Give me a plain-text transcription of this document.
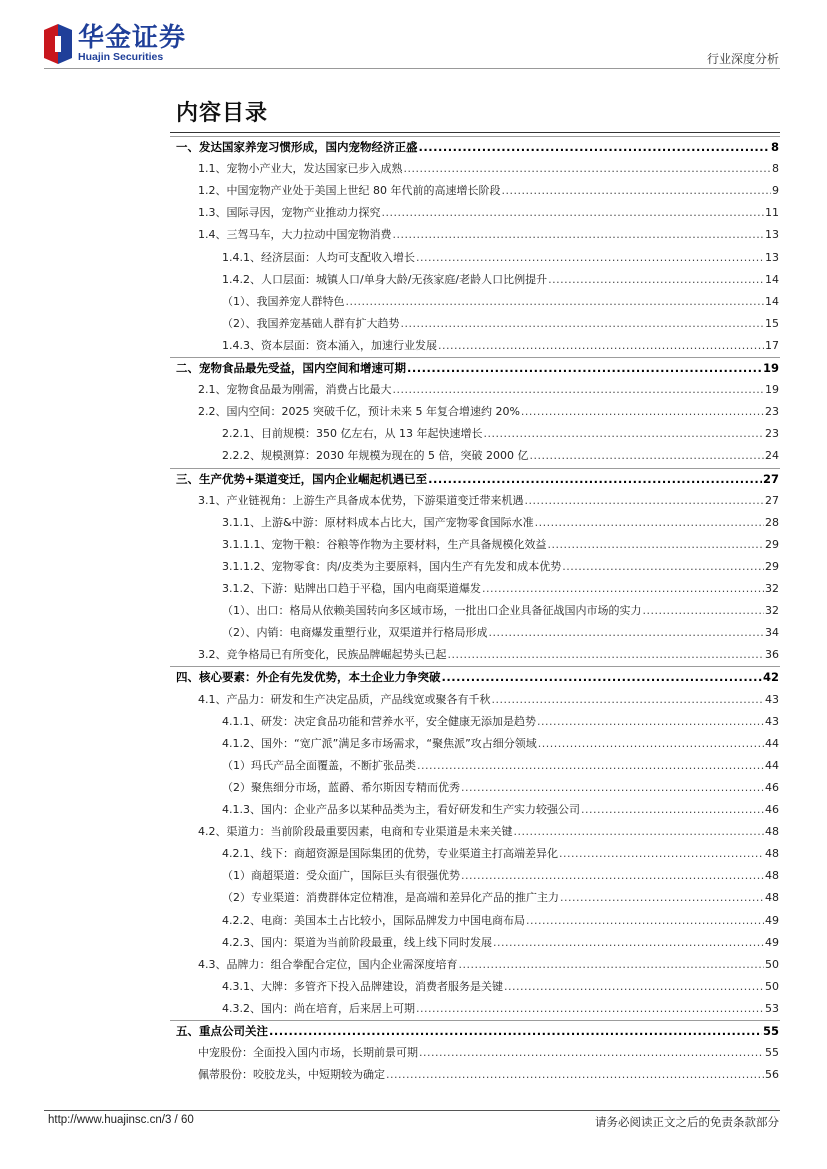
华金证券
Huajin Securities	行业深度分析
内容目录
一、发达国家养宠习惯形成，国内宠物经济正盛 .....	8
1.1、宠物小产业大，发达国家已步入成熟 .....	8
1.2、中国宠物产业处于美国上世纪 80 年代前的高速增长阶段 .....	9
1.3、国际寻因，宠物产业推动力探究 .....	11
1.4、三驾马车，大力拉动中国宠物消费 .....	13
1.4.1、经济层面：人均可支配收入增长 .....	13
1.4.2、人口层面：城镇人口/单身大龄/无孩家庭/老龄人口比例提升 .....	14
（1）、我国养宠人群特色 .....	14
（2）、我国养宠基础人群有扩大趋势 .....	15
1.4.3、资本层面：资本涌入，加速行业发展 .....	17
二、宠物食品最先受益，国内空间和增速可期 .....	19
2.1、宠物食品最为刚需，消费占比最大 .....	19
2.2、国内空间：2025 突破千亿，预计未来 5 年复合增速约 20% .....	23
2.2.1、目前规模：350 亿左右，从 13 年起快速增长 .....	23
2.2.2、规模测算：2030 年规模为现在的 5 倍，突破 2000 亿 .....	24
三、生产优势+渠道变迁，国内企业崛起机遇已至 .....	27
3.1、产业链视角：上游生产具备成本优势，下游渠道变迁带来机遇 .....	27
3.1.1、上游&中游：原材料成本占比大，国产宠物零食国际水准 .....	28
3.1.1.1、宠物干粮：谷粮等作物为主要材料，生产具备规模化效益 .....	29
3.1.1.2、宠物零食：肉/皮类为主要原料，国内生产有先发和成本优势 .....	29
3.1.2、下游：贴牌出口趋于平稳，国内电商渠道爆发 .....	32
（1）、出口：格局从依赖美国转向多区域市场，一批出口企业具备征战国内市场的实力 .....	32
（2）、内销：电商爆发重塑行业，双渠道并行格局形成 .....	34
3.2、竞争格局已有所变化，民族品牌崛起势头已起 .....	36
四、核心要素：外企有先发优势，本土企业力争突破 .....	42
4.1、产品力：研发和生产决定品质，产品线宽或聚各有千秋 .....	43
4.1.1、研发：决定食品功能和营养水平，安全健康无添加是趋势 .....	43
4.1.2、国外：“宽广派”满足多市场需求，“聚焦派”攻占细分领域 .....	44
（1）玛氏产品全面覆盖，不断扩张品类 .....	44
（2）聚焦细分市场，蓝爵、希尔斯因专精而优秀 .....	46
4.1.3、国内：企业产品多以某种品类为主，看好研发和生产实力较强公司 .....	46
4.2、渠道力：当前阶段最重要因素，电商和专业渠道是未来关键 .....	48
4.2.1、线下：商超资源是国际集团的优势，专业渠道主打高端差异化 .....	48
（1）商超渠道：受众面广，国际巨头有很强优势 .....	48
（2）专业渠道：消费群体定位精准，是高端和差异化产品的推广主力 .....	48
4.2.2、电商：美国本土占比较小，国际品牌发力中国电商布局 .....	49
4.2.3、国内：渠道为当前阶段最重，线上线下同时发展 .....	49
4.3、品牌力：组合拳配合定位，国内企业需深度培育 .....	50
4.3.1、大牌：多管齐下投入品牌建设，消费者服务是关键 .....	50
4.3.2、国内：尚在培育，后来居上可期 .....	53
五、重点公司关注 .....	55
中宠股份：全面投入国内市场，长期前景可期 .....	55
佩蒂股份：咬胶龙头，中短期较为确定 .....	56
http://www.huajinsc.cn/3 / 60	请务必阅读正文之后的免责条款部分
